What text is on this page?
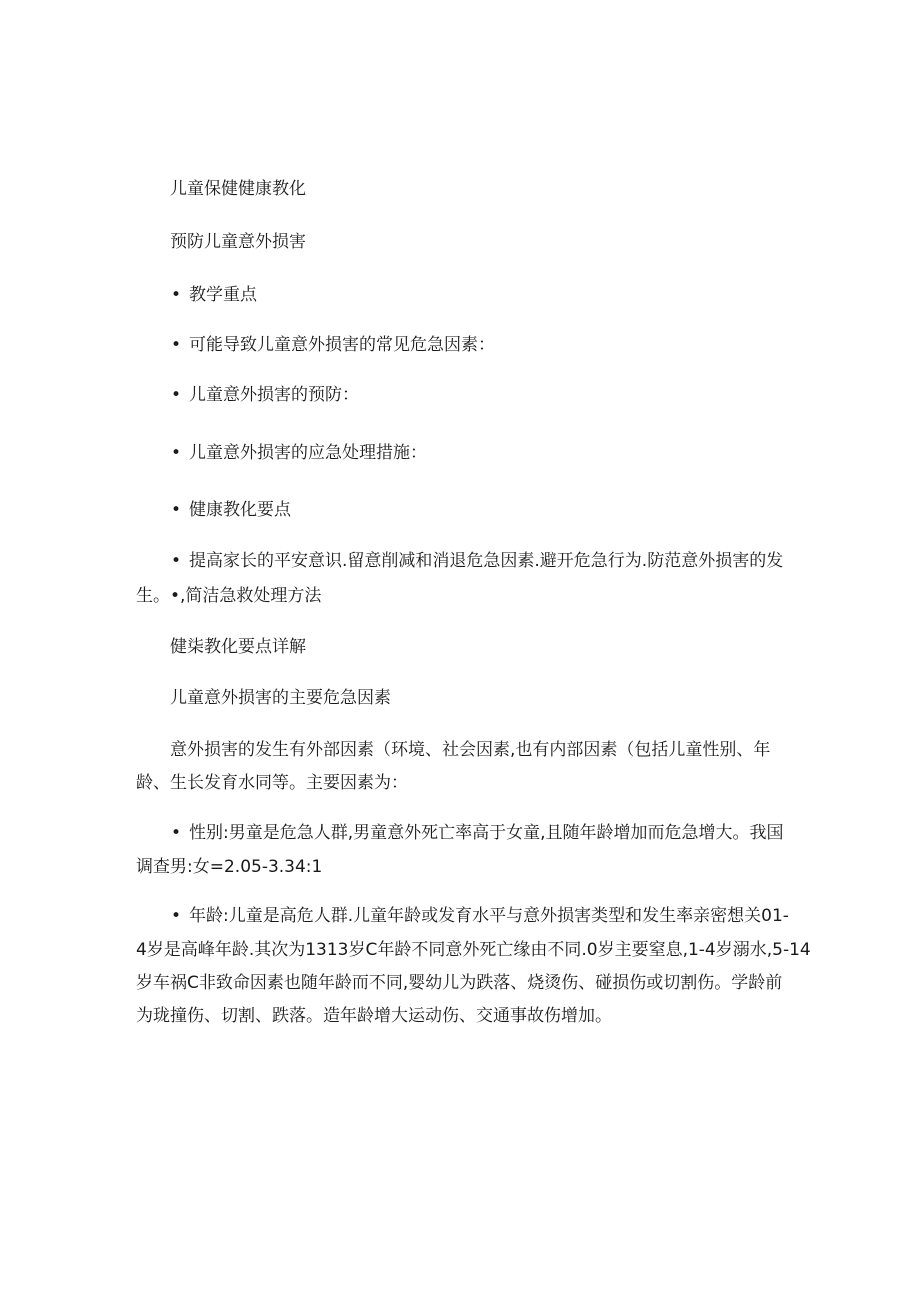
儿童保健健康教化
预防儿童意外损害
• 教学重点
• 可能导致儿童意外损害的常见危急因素：
• 儿童意外损害的预防：
• 儿童意外损害的应急处理措施：
• 健康教化要点
• 提高家长的平安意识.留意削减和消退危急因素.避开危急行为.防范意外损害的发
生。•,简洁急救处理方法
健柒教化要点详解
儿童意外损害的主要危急因素
意外损害的发生有外部因素（环境、社会因素,也有内部因素（包括儿童性别、年
龄、生长发育水同等。主要因素为：
• 性别:男童是危急人群,男童意外死亡率高于女童,且随年龄增加而危急增大。我国
调查男:女=2.05-3.34:1
• 年龄:儿童是高危人群.儿童年龄或发育水平与意外损害类型和发生率亲密想关01-
4岁是高峰年龄.其次为1313岁C年龄不同意外死亡缘由不同.0岁主要窒息,1-4岁溺水,5-14
岁车祸C非致命因素也随年龄而不同,婴幼儿为跌落、烧烫伤、碰损伤或切割伤。学龄前
为珑撞伤、切割、跌落。造年龄增大运动伤、交通事故伤增加。
